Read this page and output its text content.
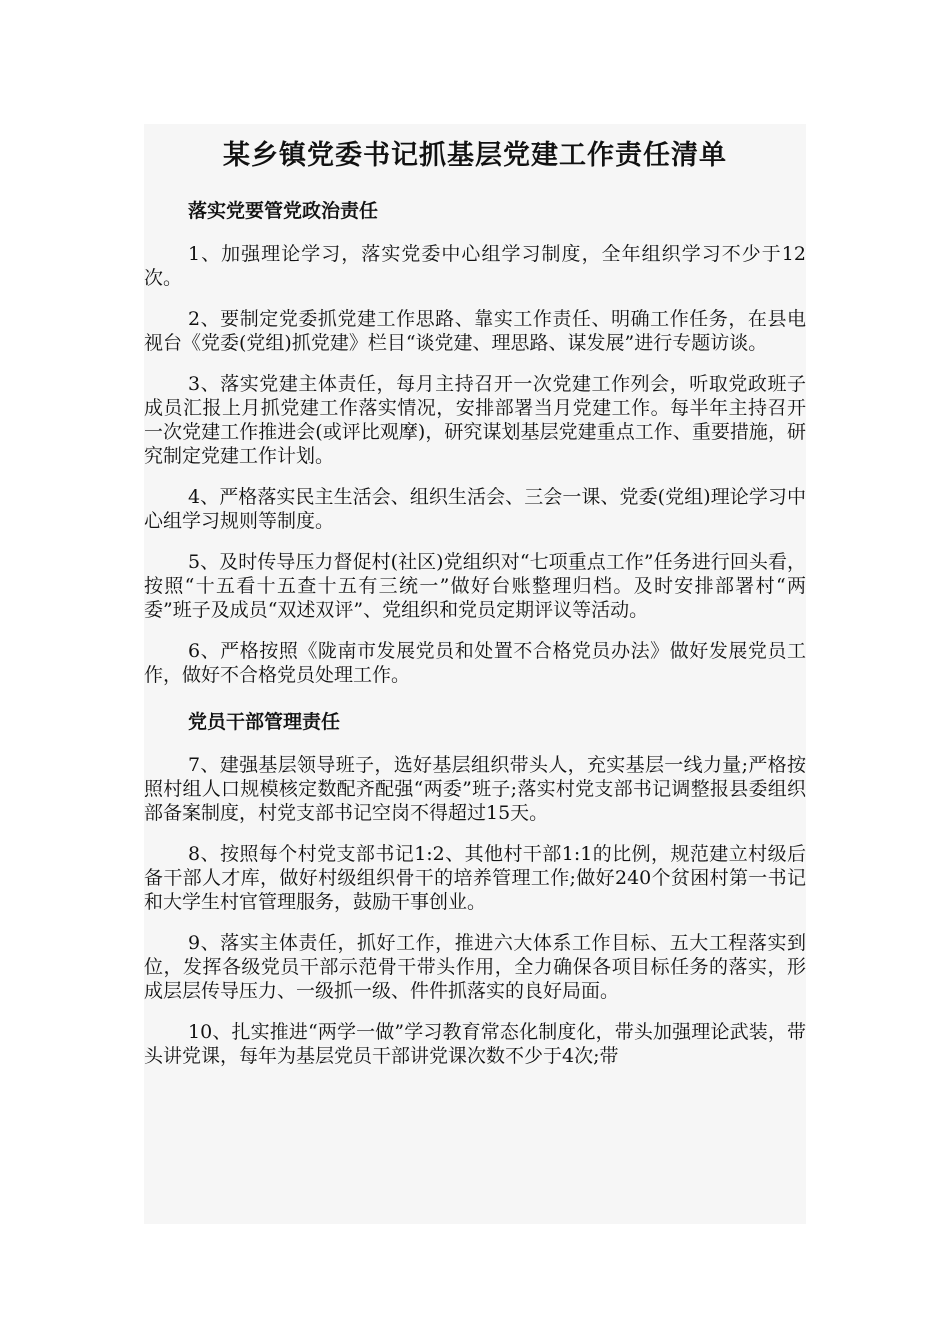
某乡镇党委书记抓基层党建工作责任清单
落实党要管党政治责任

1、加强理论学习，落实党委中心组学习制度，全年组织学习不少于12次。

2、要制定党委抓党建工作思路、靠实工作责任、明确工作任务，在县电视台《党委(党组)抓党建》栏目“谈党建、理思路、谋发展”进行专题访谈。

3、落实党建主体责任，每月主持召开一次党建工作列会，听取党政班子成员汇报上月抓党建工作落实情况，安排部署当月党建工作。每半年主持召开一次党建工作推进会(或评比观摩)，研究谋划基层党建重点工作、重要措施，研究制定党建工作计划。

4、严格落实民主生活会、组织生活会、三会一课、党委(党组)理论学习中心组学习规则等制度。

5、及时传导压力督促村(社区)党组织对“七项重点工作”任务进行回头看，按照“十五看十五查十五有三统一”做好台账整理归档。及时安排部署村“两委”班子及成员“双述双评”、党组织和党员定期评议等活动。

6、严格按照《陇南市发展党员和处置不合格党员办法》做好发展党员工作，做好不合格党员处理工作。

党员干部管理责任

7、建强基层领导班子，选好基层组织带头人，充实基层一线力量;严格按照村组人口规模核定数配齐配强“两委”班子;落实村党支部书记调整报县委组织部备案制度，村党支部书记空岗不得超过15天。

8、按照每个村党支部书记1:2、其他村干部1:1的比例，规范建立村级后备干部人才库，做好村级组织骨干的培养管理工作;做好240个贫困村第一书记和大学生村官管理服务，鼓励干事创业。

9、落实主体责任，抓好工作，推进六大体系工作目标、五大工程落实到位，发挥各级党员干部示范骨干带头作用，全力确保各项目标任务的落实，形成层层传导压力、一级抓一级、件件抓落实的良好局面。

10、扎实推进“两学一做”学习教育常态化制度化，带头加强理论武装，带头讲党课，每年为基层党员干部讲党课次数不少于4次;带
